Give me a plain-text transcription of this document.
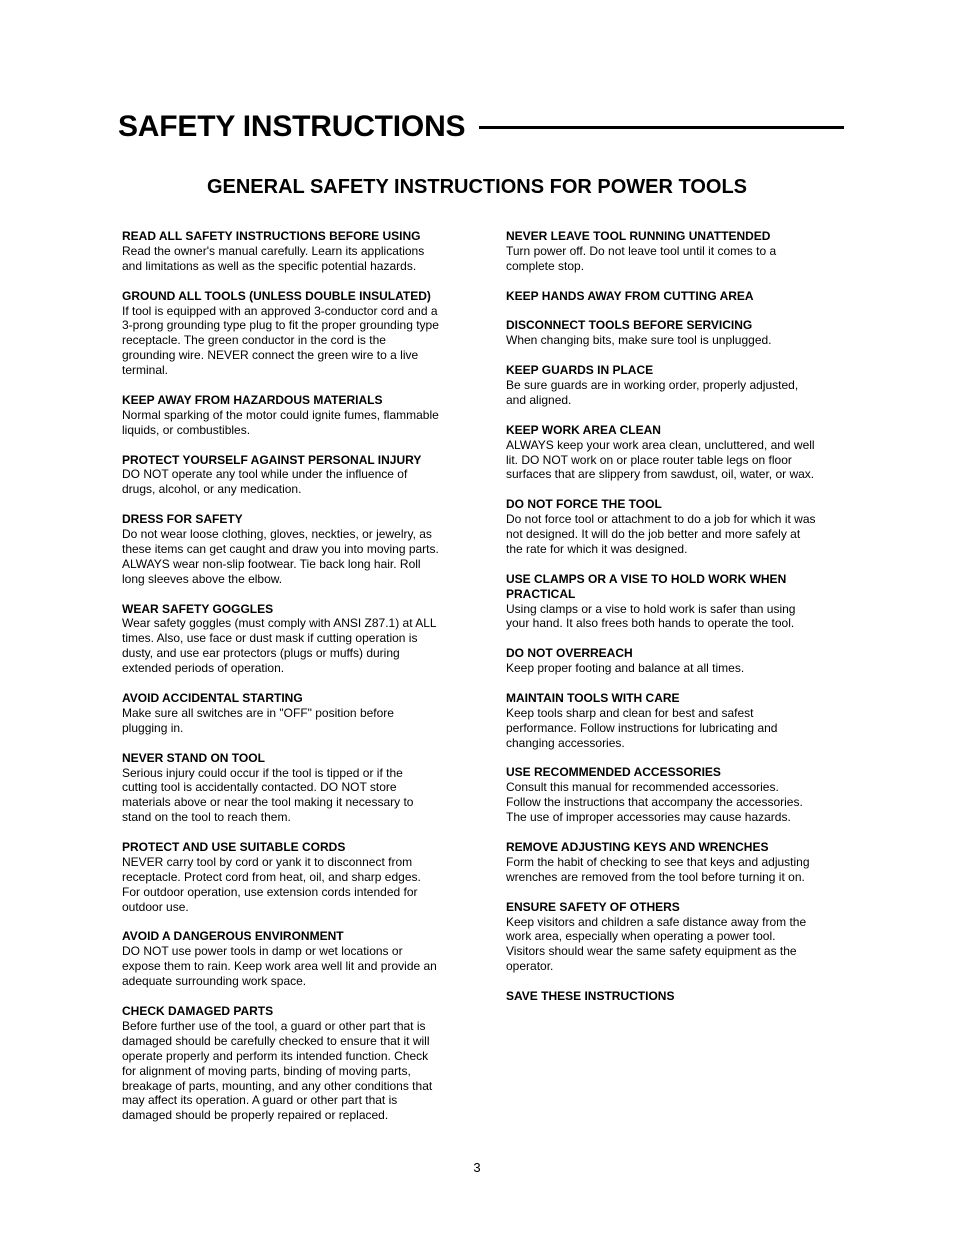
SAFETY INSTRUCTIONS
GENERAL SAFETY INSTRUCTIONS FOR POWER TOOLS
READ ALL SAFETY INSTRUCTIONS BEFORE USING
Read the owner's manual carefully. Learn its applications
and limitations as well as the specific potential hazards.
GROUND ALL TOOLS (UNLESS DOUBLE INSULATED)
If tool is equipped with an approved 3-conductor cord and a
3-prong grounding type plug to fit the proper grounding type
receptacle. The green conductor in the cord is the
grounding wire. NEVER connect the green wire to a live
terminal.
KEEP AWAY FROM HAZARDOUS MATERIALS
Normal sparking of the motor could ignite fumes, flammable
liquids, or combustibles.
PROTECT YOURSELF AGAINST PERSONAL INJURY
DO NOT operate any tool while under the influence of
drugs, alcohol, or any medication.
DRESS FOR SAFETY
Do not wear loose clothing, gloves, neckties, or jewelry, as
these items can get caught and draw you into moving parts.
ALWAYS wear non-slip footwear. Tie back long hair. Roll
long sleeves above the elbow.
WEAR SAFETY GOGGLES
Wear safety goggles (must comply with ANSI Z87.1) at ALL
times. Also, use face or dust mask if cutting operation is
dusty, and use ear protectors (plugs or muffs) during
extended periods of operation.
AVOID ACCIDENTAL STARTING
Make sure all switches are in "OFF" position before
plugging in.
NEVER STAND ON TOOL
Serious injury could occur if the tool is tipped or if the
cutting tool is accidentally contacted. DO NOT store
materials above or near the tool making it necessary to
stand on the tool to reach them.
PROTECT AND USE SUITABLE CORDS
NEVER carry tool by cord or yank it to disconnect from
receptacle. Protect cord from heat, oil, and sharp edges.
For outdoor operation, use extension cords intended for
outdoor use.
AVOID A DANGEROUS ENVIRONMENT
DO NOT use power tools in damp or wet locations or
expose them to rain. Keep work area well lit and provide an
adequate surrounding work space.
CHECK DAMAGED PARTS
Before further use of the tool, a guard or other part that is
damaged should be carefully checked to ensure that it will
operate properly and perform its intended function. Check
for alignment of moving parts, binding of moving parts,
breakage of parts, mounting, and any other conditions that
may affect its operation. A guard or other part that is
damaged should be properly repaired or replaced.
NEVER LEAVE TOOL RUNNING UNATTENDED
Turn power off. Do not leave tool until it comes to a
complete stop.
KEEP HANDS AWAY FROM CUTTING AREA
DISCONNECT TOOLS BEFORE SERVICING
When changing bits, make sure tool is unplugged.
KEEP GUARDS IN PLACE
Be sure guards are in working order, properly adjusted,
and aligned.
KEEP WORK AREA CLEAN
ALWAYS keep your work area clean, uncluttered, and well
lit. DO NOT work on or place router table legs on floor
surfaces that are slippery from sawdust, oil, water, or wax.
DO NOT FORCE THE TOOL
Do not force tool or attachment to do a job for which it was
not designed. It will do the job better and more safely at
the rate for which it was designed.
USE CLAMPS OR A VISE TO HOLD WORK WHEN
PRACTICAL
Using clamps or a vise to hold work is safer than using
your hand. It also frees both hands to operate the tool.
DO NOT OVERREACH
Keep proper footing and balance at all times.
MAINTAIN TOOLS WITH CARE
Keep tools sharp and clean for best and safest
performance. Follow instructions for lubricating and
changing accessories.
USE RECOMMENDED ACCESSORIES
Consult this manual for recommended accessories.
Follow the instructions that accompany the accessories.
The use of improper accessories may cause hazards.
REMOVE ADJUSTING KEYS AND WRENCHES
Form the habit of checking to see that keys and adjusting
wrenches are removed from the tool before turning it on.
ENSURE SAFETY OF OTHERS
Keep visitors and children a safe distance away from the
work area, especially when operating a power tool.
Visitors should wear the same safety equipment as the
operator.
SAVE THESE INSTRUCTIONS
3
